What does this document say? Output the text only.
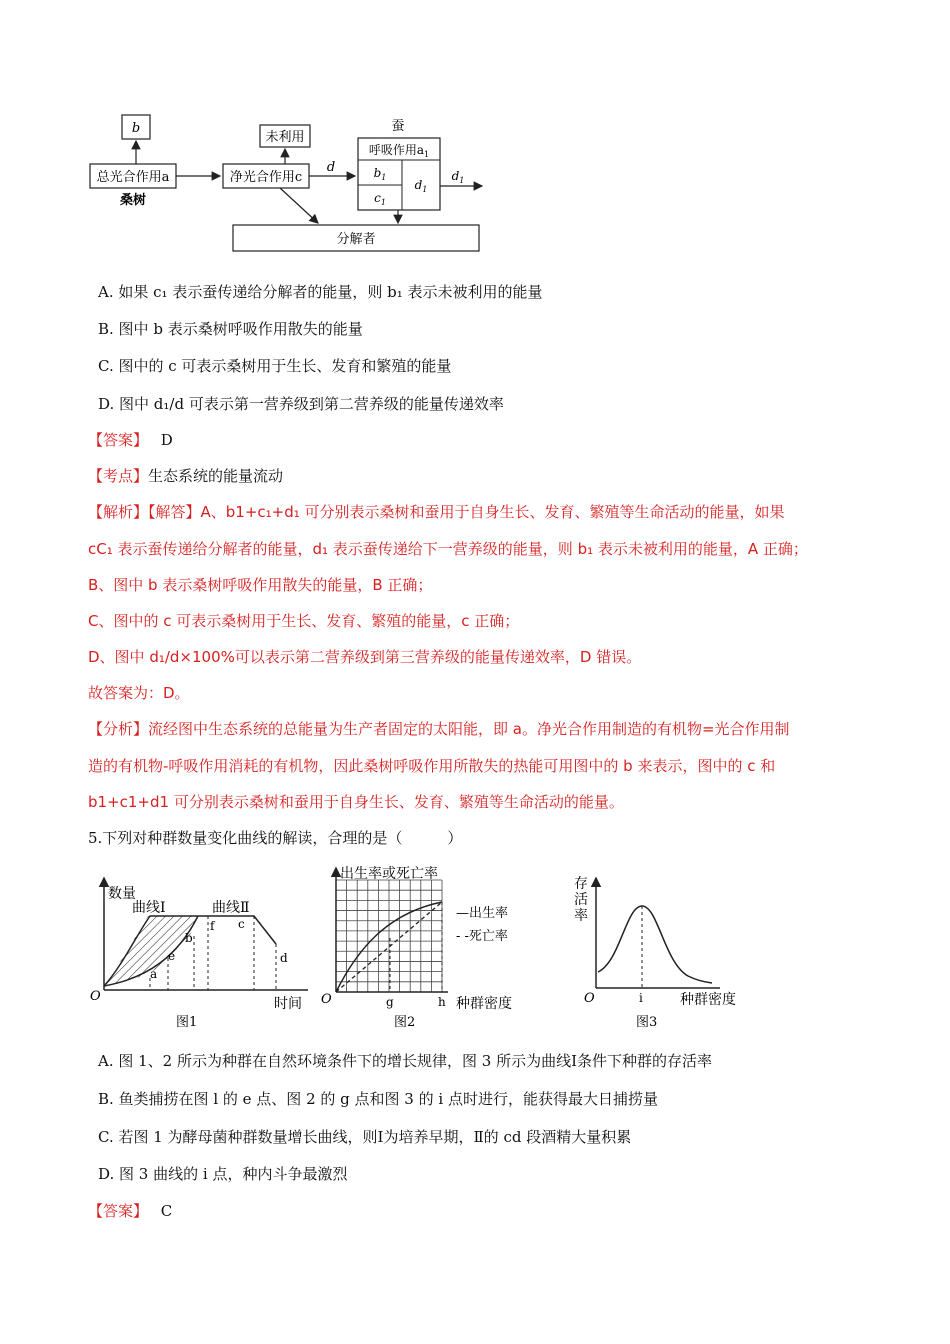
b
总光合作用a
桑树
未利用
净光合作用c
d
蚕
呼吸作用$a_1$
$b_1$
$c_1$
$d_1$
$d_1$
分解者
A. 如果 c₁ 表示蚕传递给分解者的能量，则 b₁ 表示未被利用的能量
B. 图中 b 表示桑树呼吸作用散失的能量
C. 图中的 c 可表示桑树用于生长、发育和繁殖的能量
D. 图中 d₁/d 可表示第一营养级到第二营养级的能量传递效率
【答案】 D
【考点】生态系统的能量流动
【解析】【解答】A、b1+c₁+d₁ 可分别表示桑树和蚕用于自身生长、发育、繁殖等生命活动的能量，如果
cC₁ 表示蚕传递给分解者的能量，d₁ 表示蚕传递给下一营养级的能量，则 b₁ 表示未被利用的能量，A 正确；
B、图中 b 表示桑树呼吸作用散失的能量，B 正确；
C、图中的 c 可表示桑树用于生长、发育、繁殖的能量，c 正确；
D、图中 d₁/d×100%可以表示第二营养级到第三营养级的能量传递效率，D 错误。
故答案为：D。
【分析】流经图中生态系统的总能量为生产者固定的太阳能，即 a。净光合作用制造的有机物=光合作用制
造的有机物-呼吸作用消耗的有机物，因此桑树呼吸作用所散失的热能可用图中的 b 来表示，图中的 c 和
b1+c1+d1 可分别表示桑树和蚕用于自身生长、发育、繁殖等生命活动的能量。
5.下列对种群数量变化曲线的解读，合理的是（　　　）
数量
曲线Ⅰ	曲线Ⅱ
a
e
b
f c
d
O	时间
图1
出生率或死亡率
—出生率
- -死亡率
O	g	h 种群密度
图2
存
活
率
O	i	种群密度
图3
A. 图 1、2 所示为种群在自然环境条件下的增长规律，图 3 所示为曲线Ⅰ条件下种群的存活率
B. 鱼类捕捞在图 l 的 e 点、图 2 的 g 点和图 3 的 i 点时进行，能获得最大日捕捞量
C. 若图 1 为酵母菌种群数量增长曲线，则Ⅰ为培养早期，Ⅱ的 cd 段酒精大量积累
D. 图 3 曲线的 i 点，种内斗争最激烈
【答案】 C
